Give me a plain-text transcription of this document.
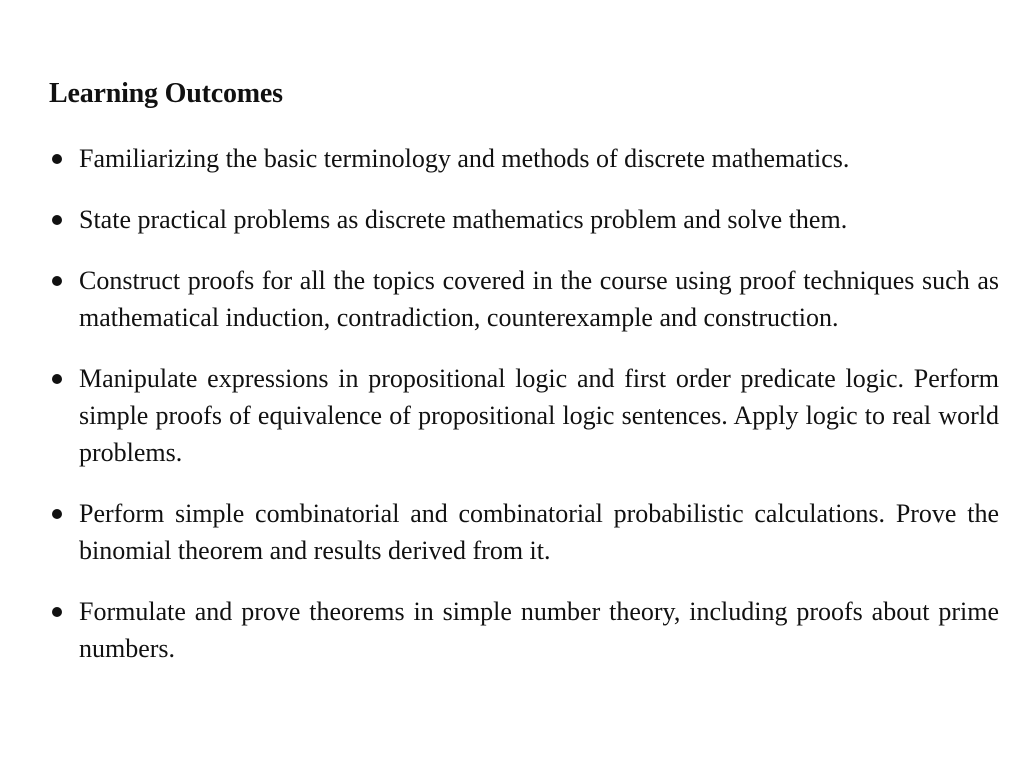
Learning Outcomes
Familiarizing the basic terminology and methods of discrete mathematics.
State practical problems as discrete mathematics problem and solve them.
Construct proofs for all the topics covered in the course using proof techniques such as mathematical induction, contradiction, counterexample and construction.
Manipulate expressions in propositional logic and first order predicate logic. Perform simple proofs of equivalence of propositional logic sentences. Apply logic to real world problems.
Perform simple combinatorial and combinatorial probabilistic calculations. Prove the binomial theorem and results derived from it.
Formulate and prove theorems in simple number theory, including proofs about prime numbers.
